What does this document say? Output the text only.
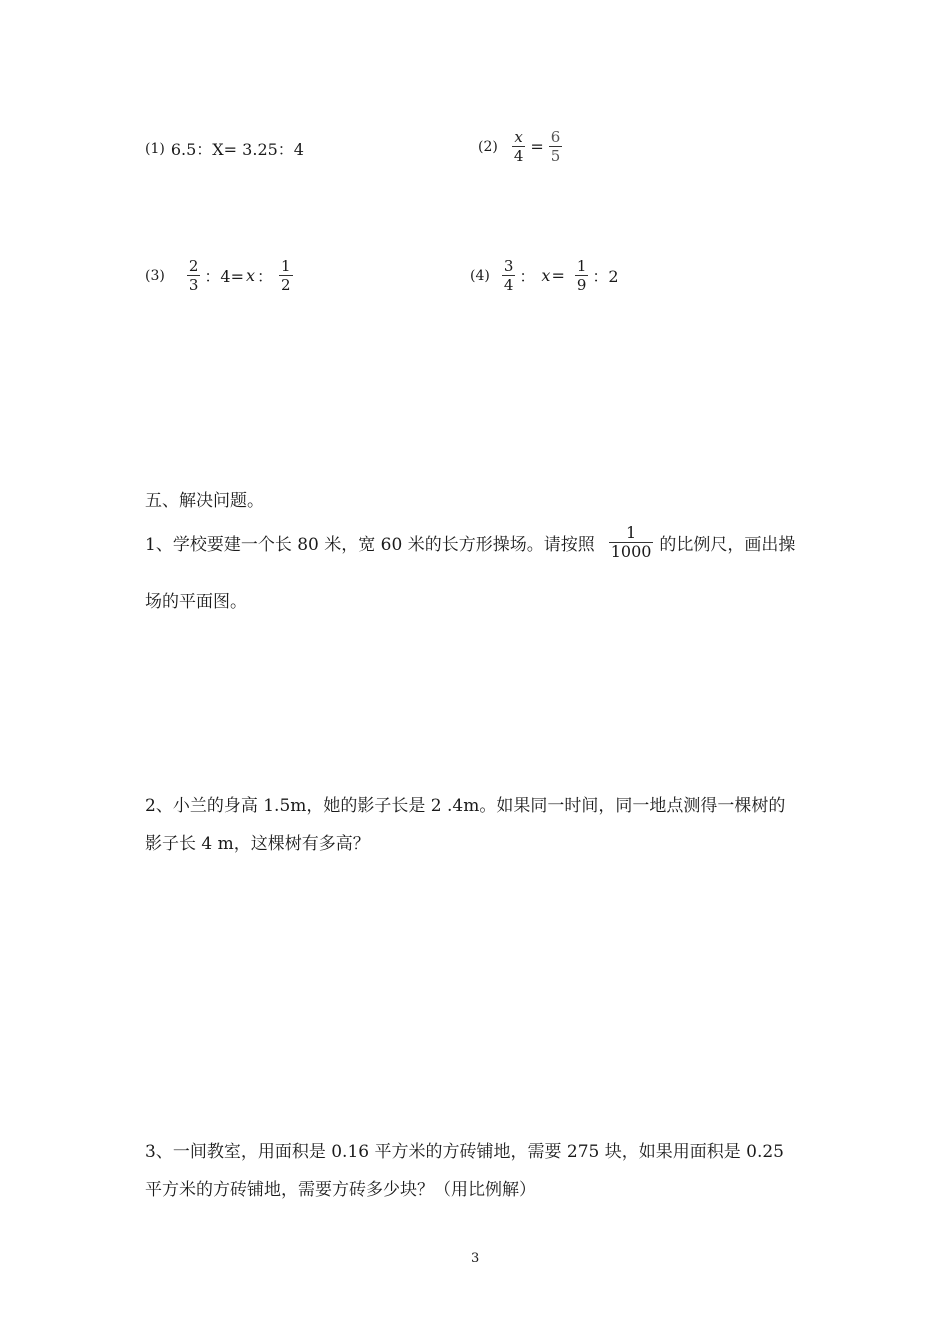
(1) 6.5：X= 3.25：4	$(2) \frac{x}{4} = \frac{6}{5}$
$(3) \frac{2}{3}$ ：4= x ： $\frac{1}{2}$	$(4) \frac{3}{4}$ ： $x = \frac{1}{9}$ ：2
五、解决问题。
1、学校要建一个长 80 米，宽 60 米的长方形操场。请按照 $\frac{1}{1000}$ 的比例尺，画出操
场的平面图。
2、小兰的身高 1.5m，她的影子长是 2 .4m。如果同一时间，同一地点测得一棵树的
影子长 4 m，这棵树有多高？
3、一间教室，用面积是 0.16 平方米的方砖铺地，需要 275 块，如果用面积是 0.25
平方米的方砖铺地，需要方砖多少块？（用比例解）
3
